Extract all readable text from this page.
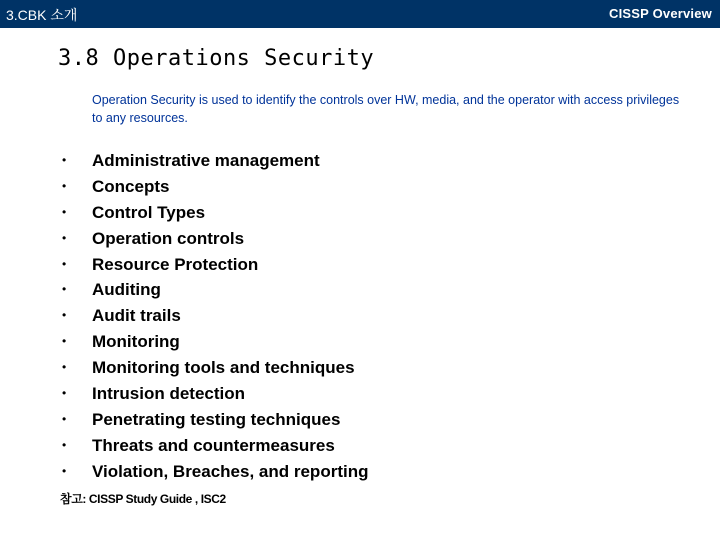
3.CBK 소개	CISSP Overview
3.8 Operations Security

Operation Security is used to identify the controls over HW, media, and the operator with access privileges to any resources.

• Administrative management
• Concepts
• Control Types
• Operation controls
• Resource Protection
• Auditing
• Audit trails
• Monitoring
• Monitoring tools and techniques
• Intrusion detection
• Penetrating testing techniques
• Threats and countermeasures
• Violation, Breaches, and reporting
참고: CISSP Study Guide , ISC2
